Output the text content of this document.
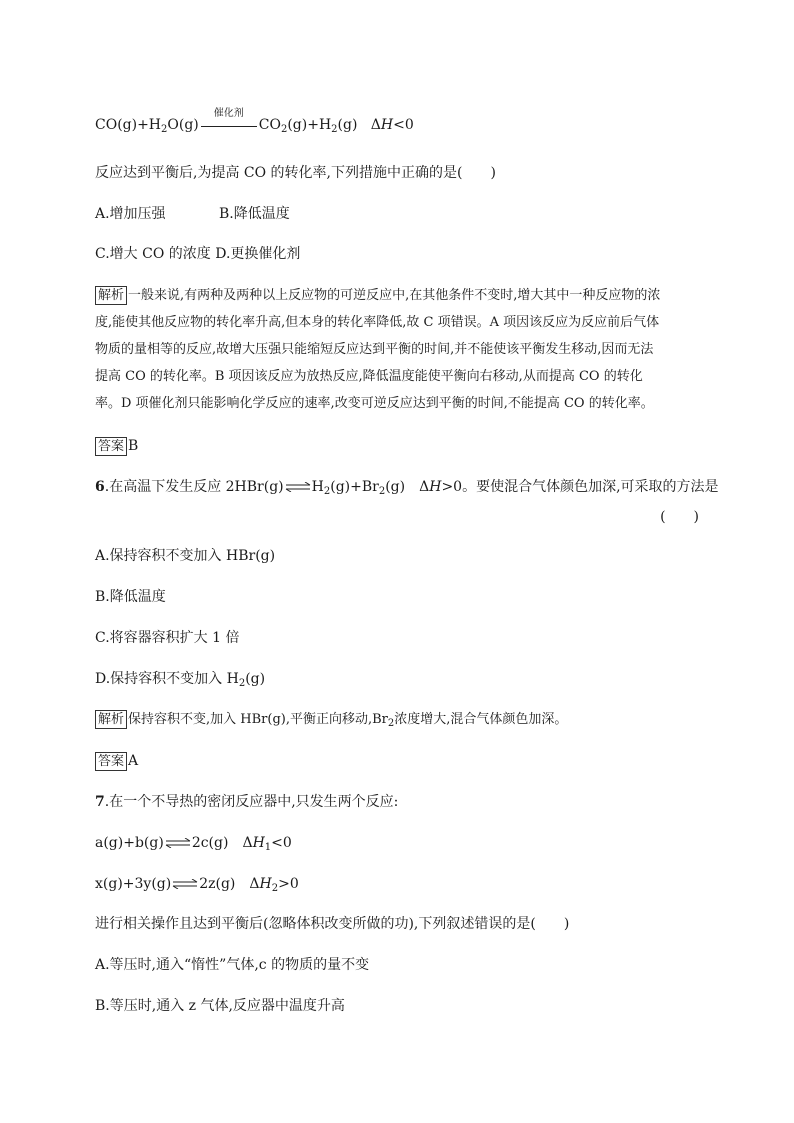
$CO(g)+H_2O(g)$
催化剂
$CO_2(g)+H_2(g)$ ΔH<0
反应达到平衡后,为提高 CO 的转化率,下列措施中正确的是(　　)
A.增加压强	B.降低温度
C.增大 CO 的浓度 D.更换催化剂
解析 一般来说,有两种及两种以上反应物的可逆反应中,在其他条件不变时,增大其中一种反应物的浓
度,能使其他反应物的转化率升高,但本身的转化率降低,故 C 项错误。A 项因该反应为反应前后气体
物质的量相等的反应,故增大压强只能缩短反应达到平衡的时间,并不能使该平衡发生移动,因而无法
提高 CO 的转化率。B 项因该反应为放热反应,降低温度能使平衡向右移动,从而提高 CO 的转化
率。D 项催化剂只能影响化学反应的速率,改变可逆反应达到平衡的时间,不能提高 CO 的转化率。
答案 B
6.在高温下发生反应 $2HBr(g)\rightleftharpoons H_2(g)+Br_2(g)$　ΔH>0。要使混合气体颜色加深,可采取的方法是
(　　)
A.保持容积不变加入 HBr(g)
B.降低温度
C.将容器容积扩大 1 倍
D.保持容积不变加入 $H_2(g)$
解析 保持容积不变,加入 HBr(g),平衡正向移动$,Br_2$浓度增大,混合气体颜色加深。
答案 A
7.在一个不导热的密闭反应器中,只发生两个反应:
a(g)+b(g)⇌2c(g)　$\Delta H_1<0$
x(g)+3y(g)⇌2z(g)　$\Delta H_2>0$
进行相关操作且达到平衡后(忽略体积改变所做的功),下列叙述错误的是(　　)
A.等压时,通入“惰性”气体,c 的物质的量不变
B.等压时,通入 z 气体,反应器中温度升高
